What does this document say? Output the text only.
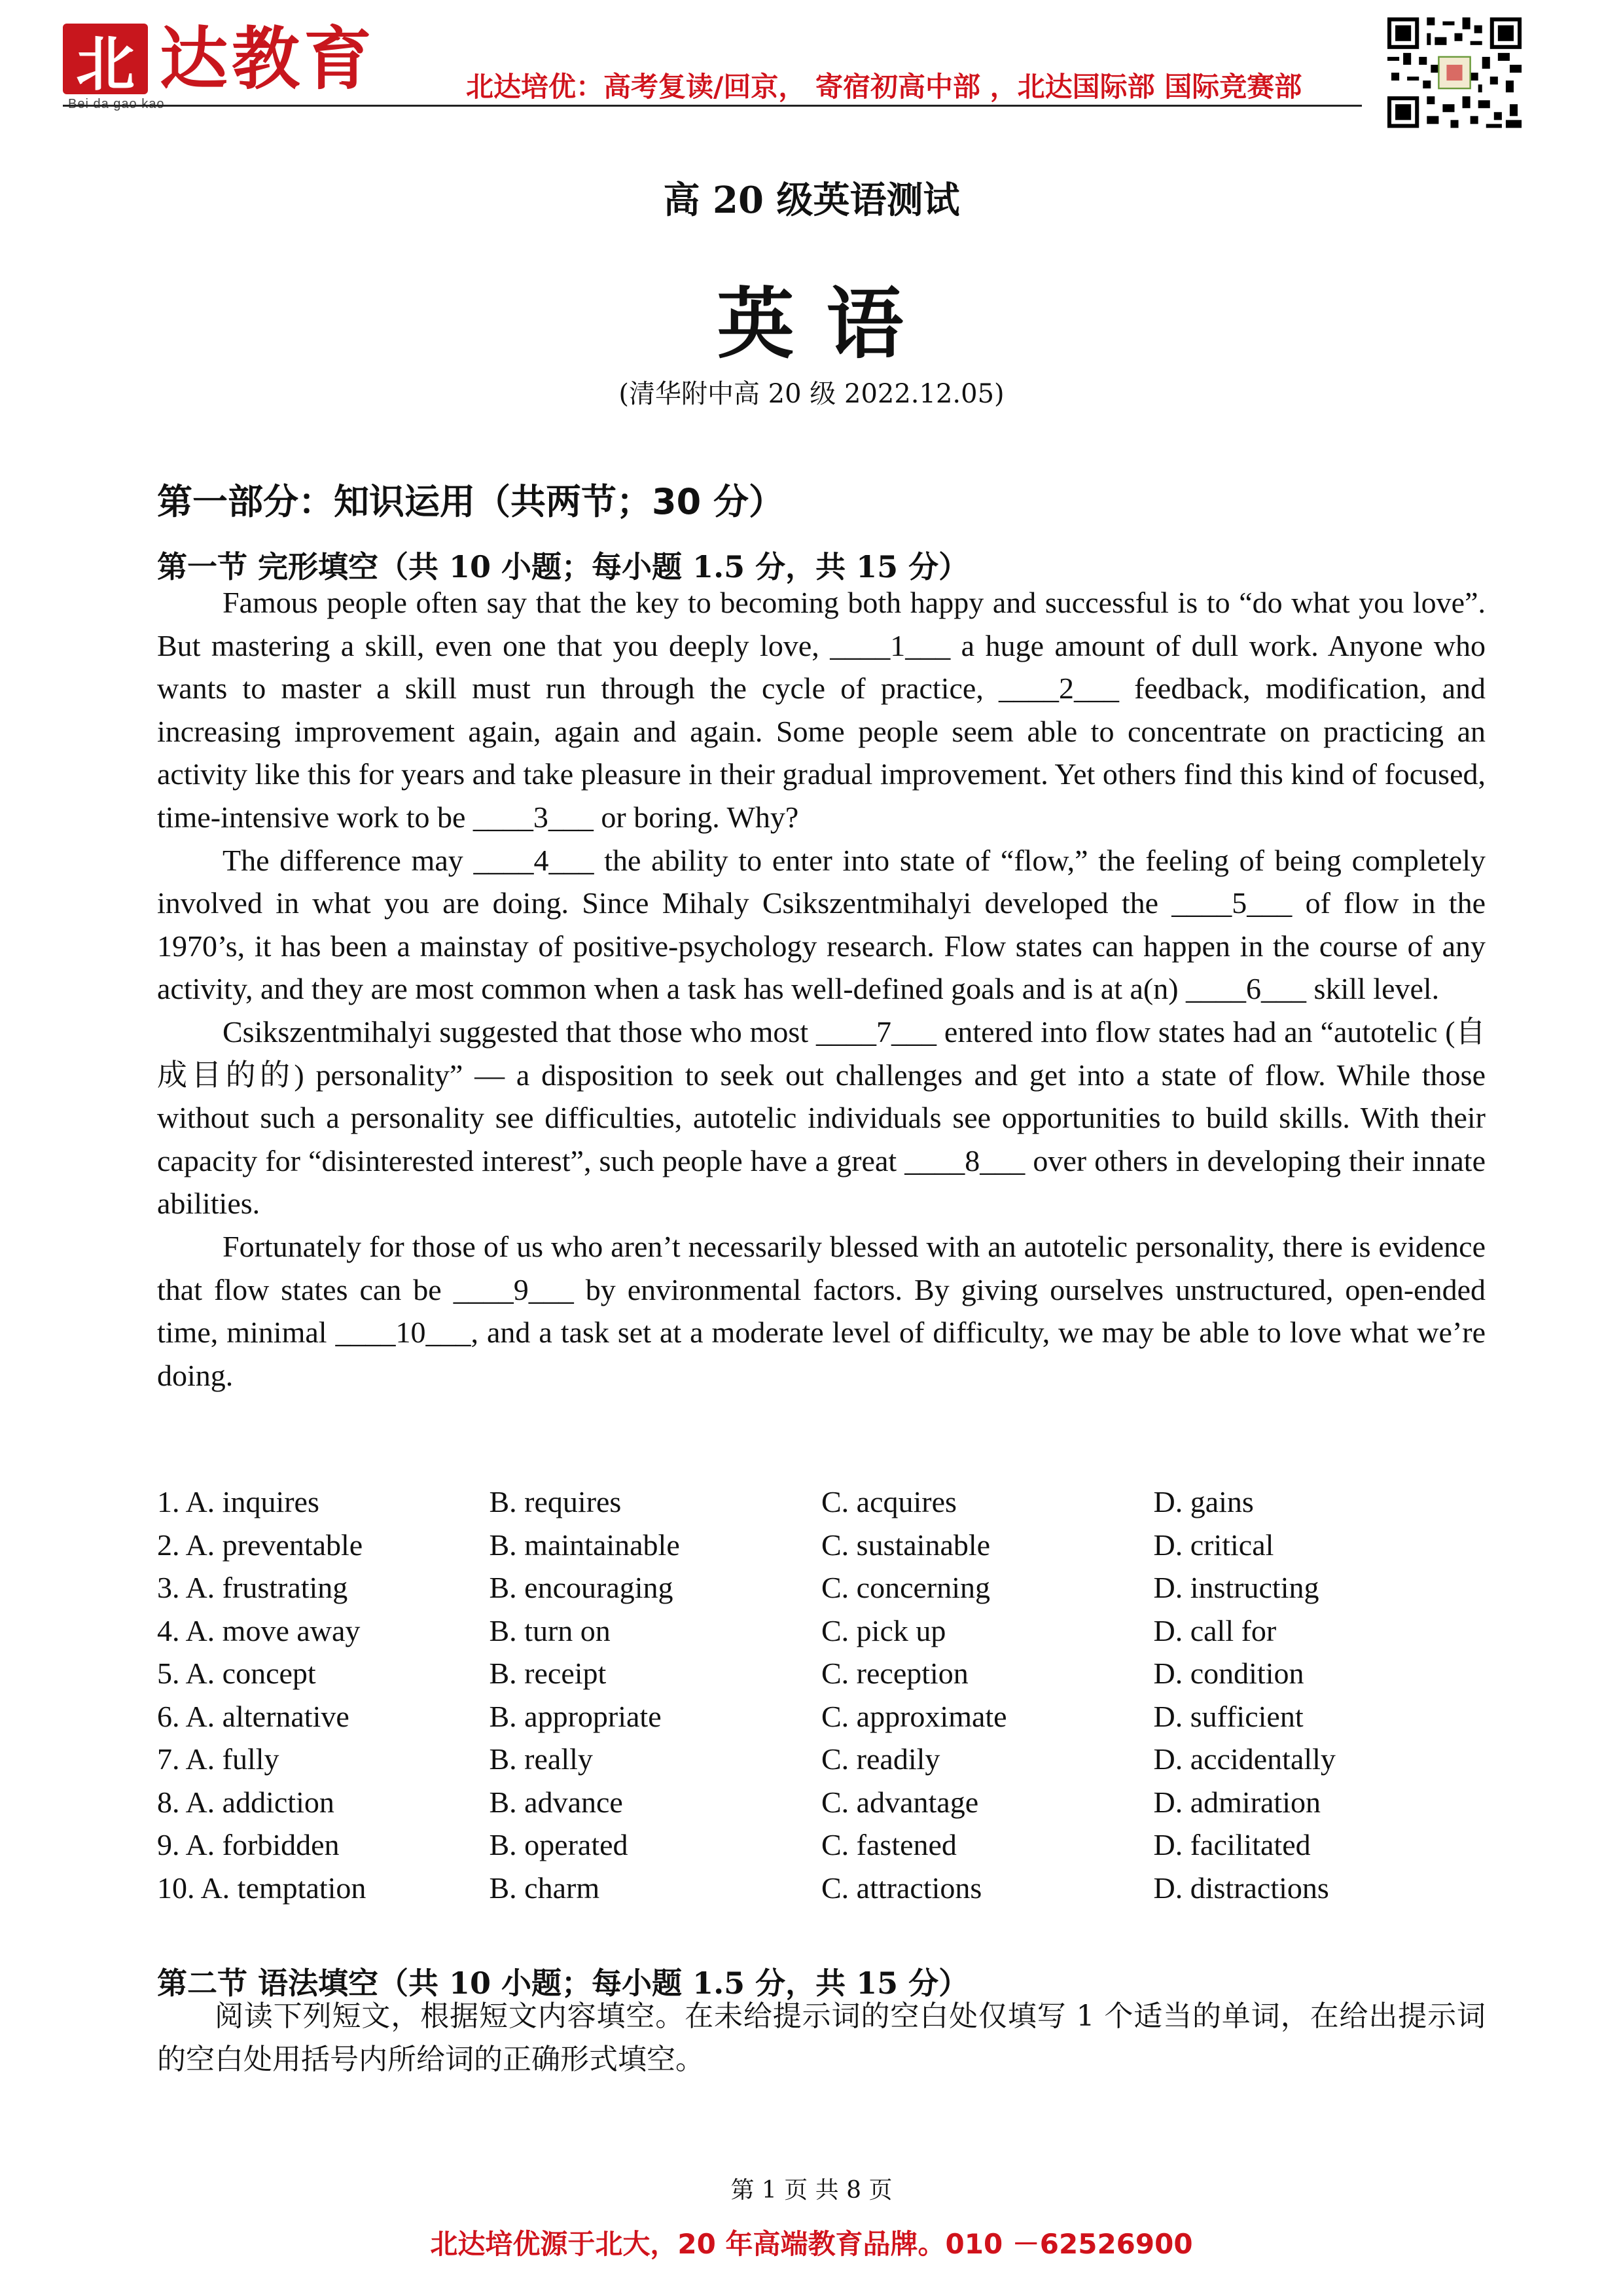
北 达教育
Bei da gao kao
北达培优：高考复读/回京， 寄宿初高中部 ，北达国际部 国际竞赛部
高 20 级英语测试
英 语
(清华附中高 20 级 2022.12.05)
第一部分：知识运用（共两节；30 分）
第一节 完形填空（共 10 小题；每小题 1.5 分，共 15 分）

Famous people often say that the key to becoming both happy and successful is to “do what you love”. But mastering a skill, even one that you deeply love, ____1___ a huge amount of dull work. Anyone who wants to master a skill must run through the cycle of practice, ____2___ feedback, modification, and increasing improvement again, again and again. Some people seem able to concentrate on practicing an activity like this for years and take pleasure in their gradual improvement. Yet others find this kind of focused, time-intensive work to be ____3___ or boring. Why?

The difference may ____4___ the ability to enter into state of “flow,” the feeling of being completely involved in what you are doing. Since Mihaly Csikszentmihalyi developed the ____5___ of flow in the 1970’s, it has been a mainstay of positive-psychology research. Flow states can happen in the course of any activity, and they are most common when a task has well-defined goals and is at a(n) ____6___ skill level.

Csikszentmihalyi suggested that those who most ____7___ entered into flow states had an “autotelic (自成目的的) personality” — a disposition to seek out challenges and get into a state of flow. While those without such a personality see difficulties, autotelic individuals see opportunities to build skills. With their capacity for “disinterested interest”, such people have a great ____8___ over others in developing their innate abilities.

Fortunately for those of us who aren’t necessarily blessed with an autotelic personality, there is evidence that flow states can be ____9___ by environmental factors. By giving ourselves unstructured, open-ended time, minimal ____10___, and a task set at a moderate level of difficulty, we may be able to love what we’re doing.

1. A. inquires	B. requires	C. acquires	D. gains
2. A. preventable	B. maintainable	C. sustainable	D. critical
3. A. frustrating	B. encouraging	C. concerning	D. instructing
4. A. move away	B. turn on	C. pick up	D. call for
5. A. concept	B. receipt	C. reception	D. condition
6. A. alternative	B. appropriate	C. approximate	D. sufficient
7. A. fully	B. really	C. readily	D. accidentally
8. A. addiction	B. advance	C. advantage	D. admiration
9. A. forbidden	B. operated	C. fastened	D. facilitated
10. A. temptation	B. charm	C. attractions	D. distractions
第二节 语法填空（共 10 小题；每小题 1.5 分，共 15 分）
阅读下列短文，根据短文内容填空。在未给提示词的空白处仅填写 1 个适当的单词，在给出提示词的空白处用括号内所给词的正确形式填空。
第 1 页 共 8 页
北达培优源于北大，20 年高端教育品牌。010 －62526900
